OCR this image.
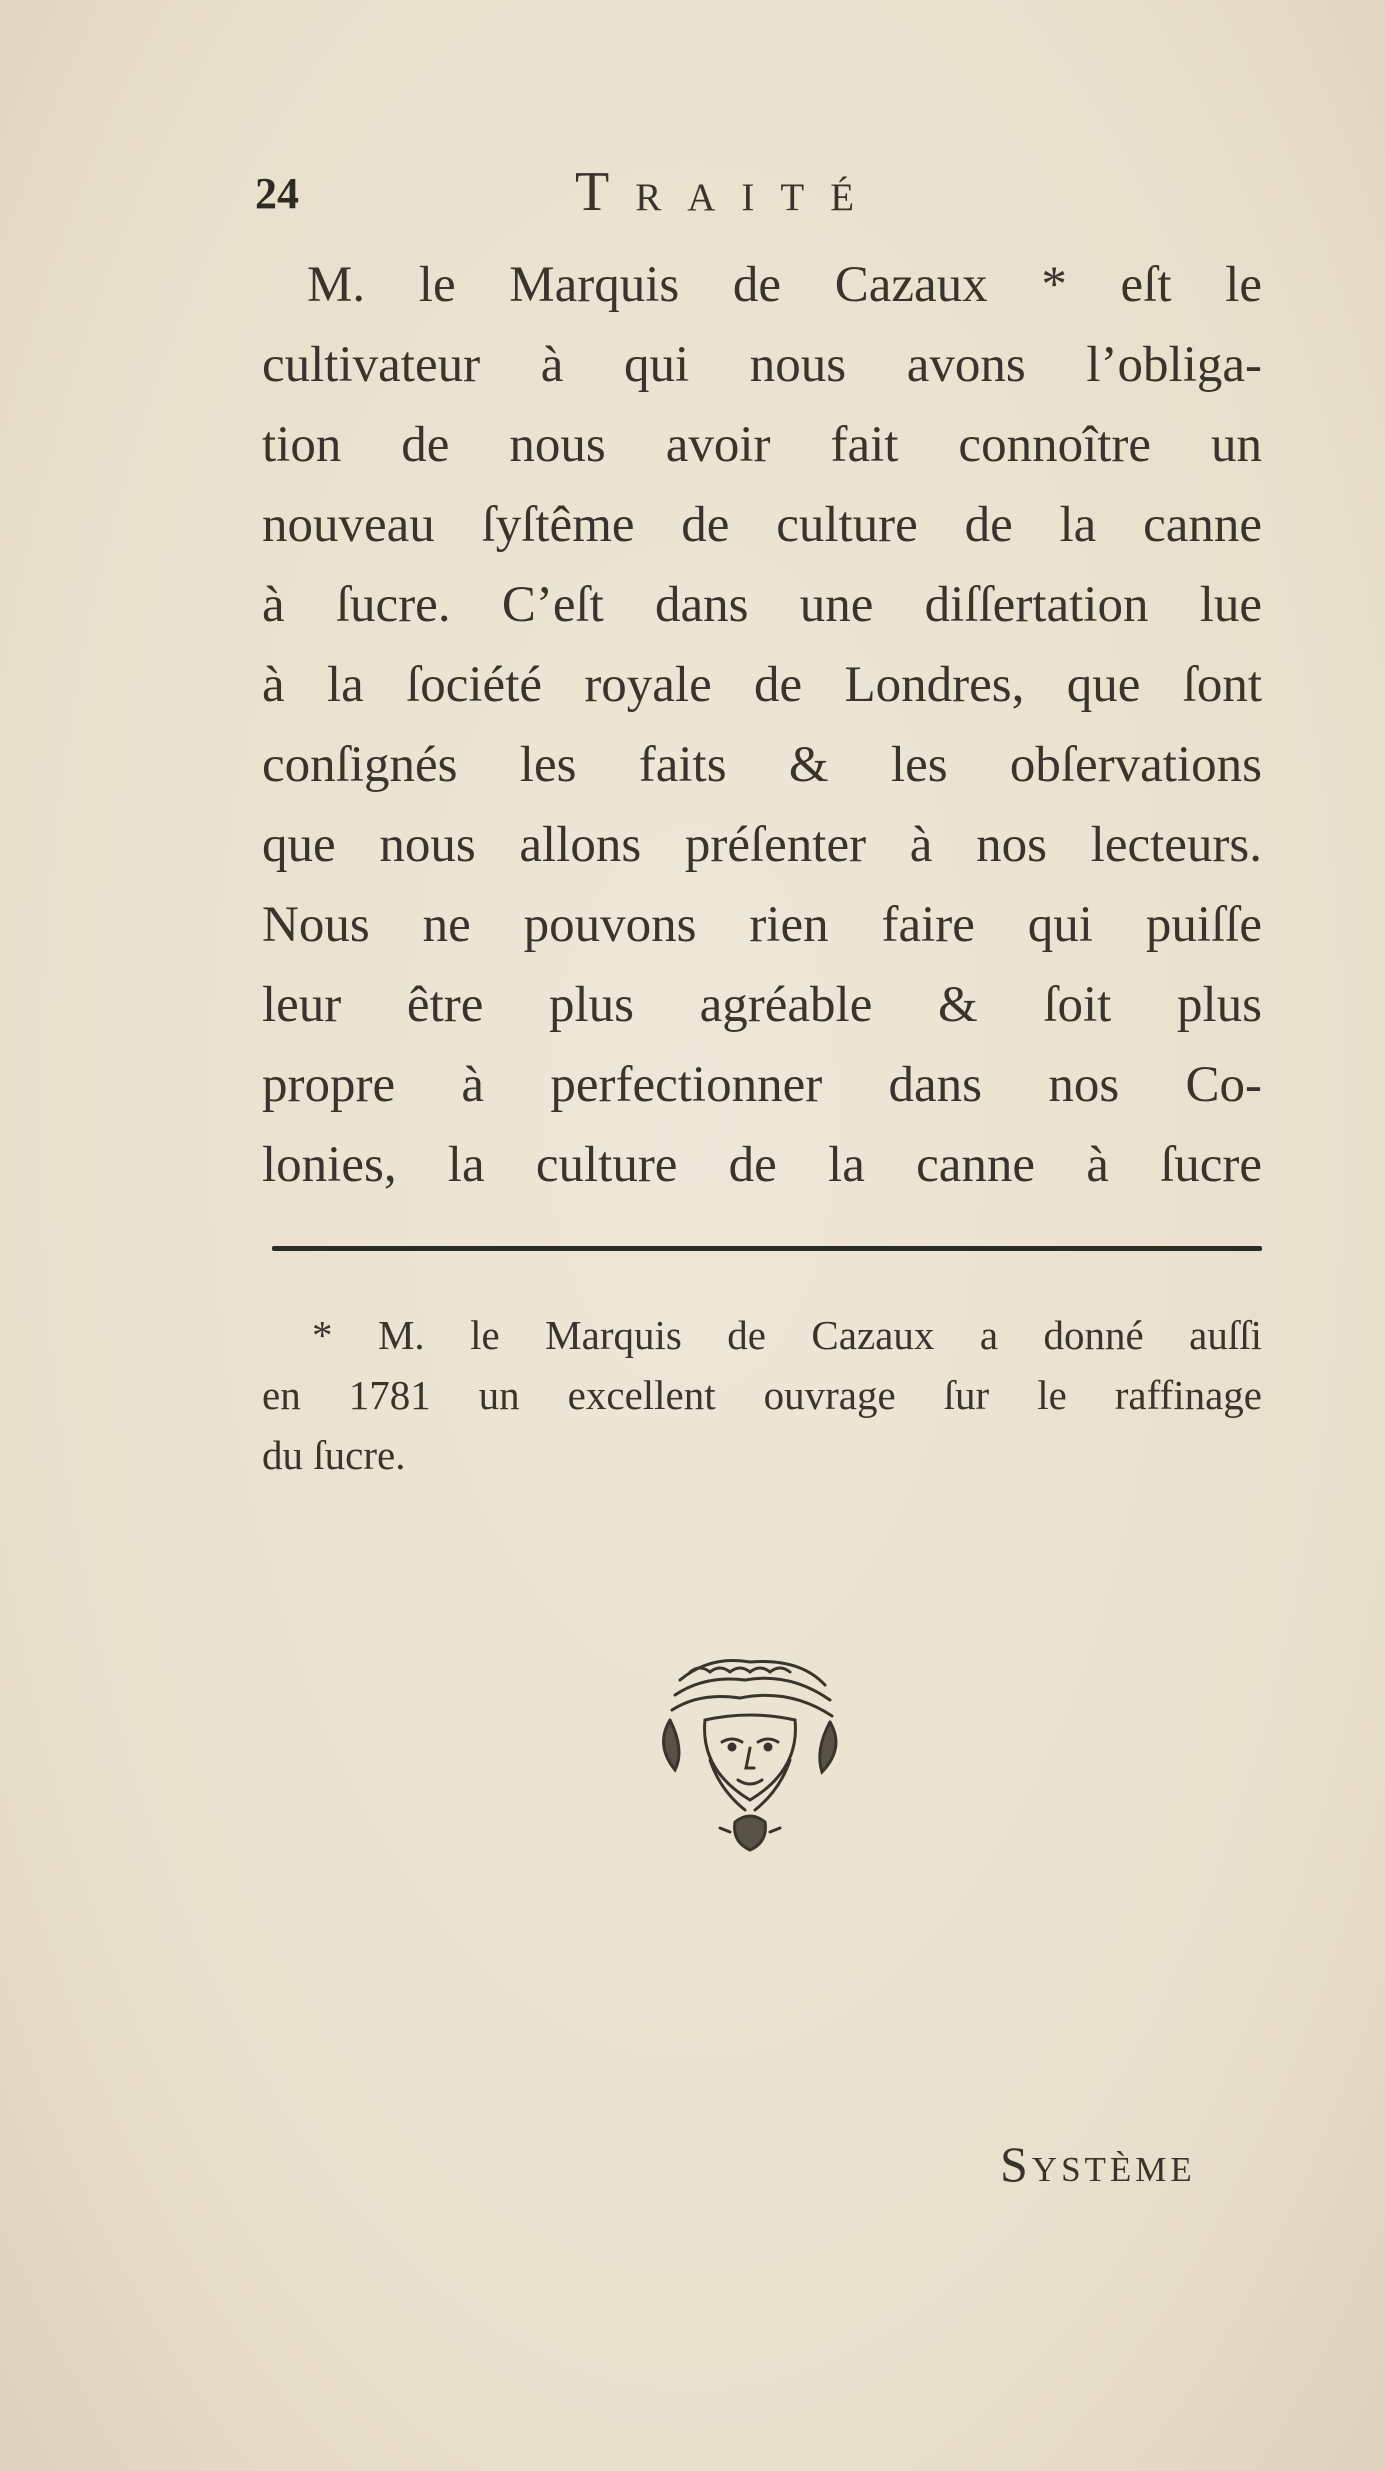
24	Traité
M. le Marquis de Cazaux * eſt le
cultivateur à qui nous avons l’obliga-
tion de nous avoir fait connoître un
nouveau ſyſtême de culture de la canne
à ſucre. C’eſt dans une diſſertation lue
à la ſociété royale de Londres, que ſont
conſignés les faits & les obſervations
que nous allons préſenter à nos lecteurs.
Nous ne pouvons rien faire qui puiſſe
leur être plus agréable & ſoit plus
propre à perfectionner dans nos Co-
lonies, la culture de la canne à ſucre
* M. le Marquis de Cazaux a donné auſſi
en 1781 un excellent ouvrage ſur le raffinage
du ſucre.
Système
